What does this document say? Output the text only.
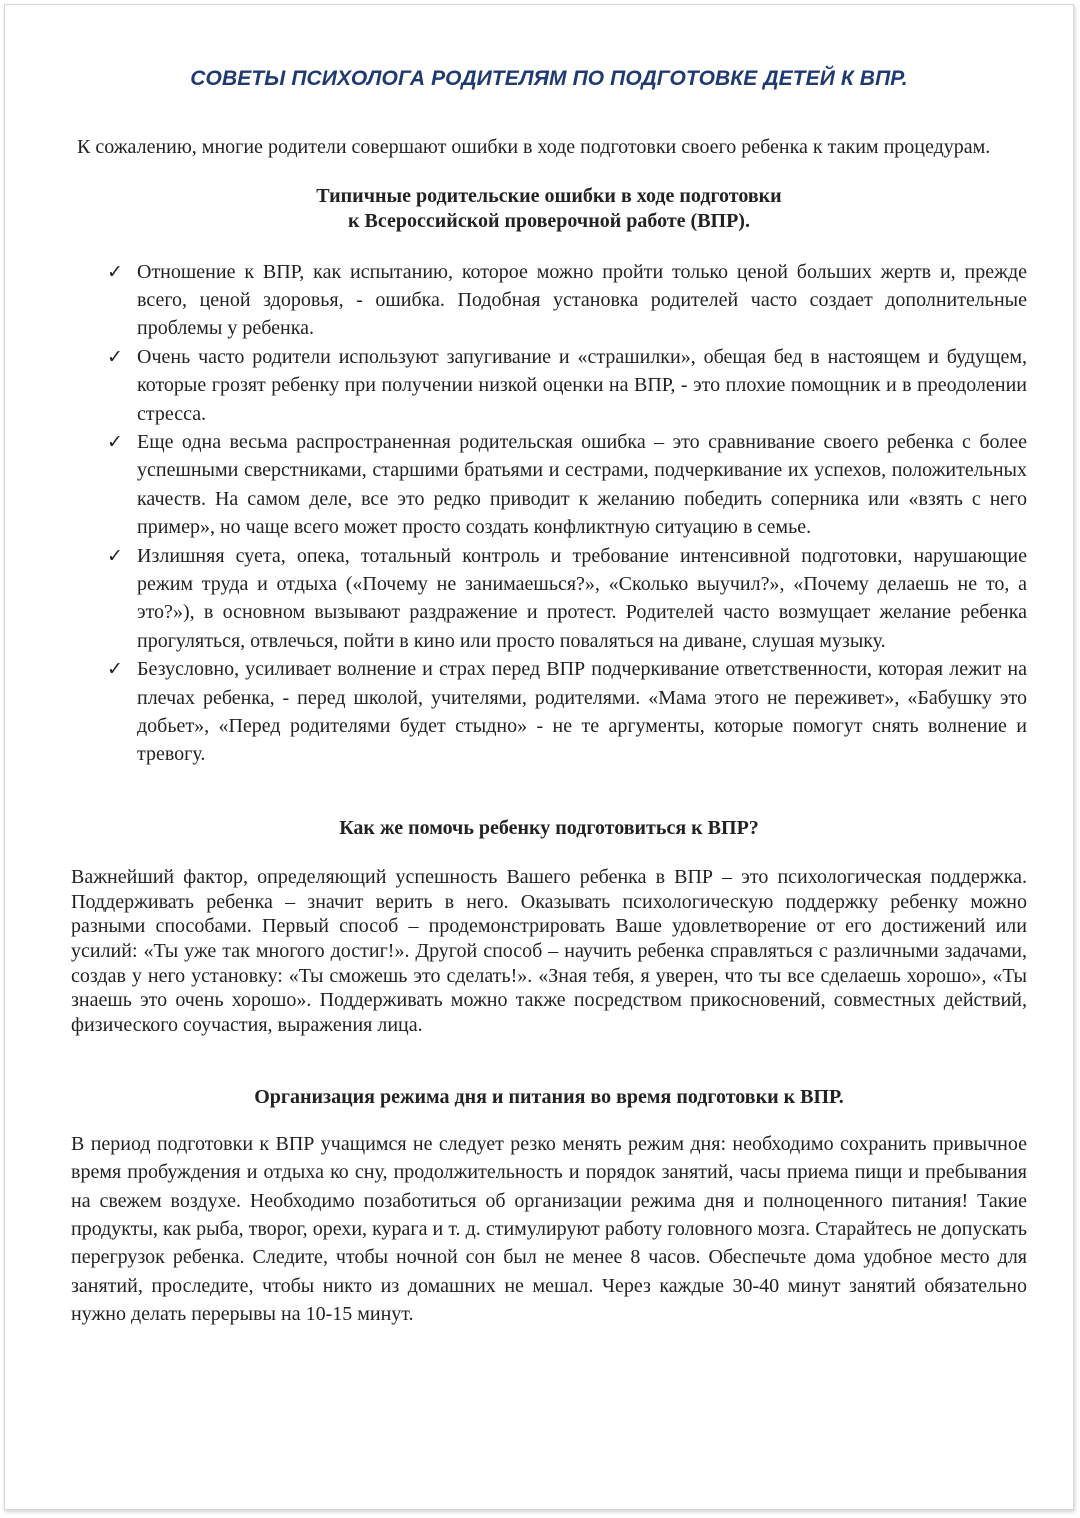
СОВЕТЫ ПСИХОЛОГА РОДИТЕЛЯМ ПО ПОДГОТОВКЕ ДЕТЕЙ К ВПР.
К сожалению, многие родители совершают ошибки в ходе подготовки своего ребенка к таким процедурам.
Типичные родительские ошибки в ходе подготовки
к Всероссийской проверочной работе (ВПР).
✓ Отношение к ВПР, как испытанию, которое можно пройти только ценой больших жертв и, прежде всего, ценой здоровья, - ошибка. Подобная установка родителей часто создает дополнительные проблемы у ребенка.
✓ Очень часто родители используют запугивание и «страшилки», обещая бед в настоящем и будущем, которые грозят ребенку при получении низкой оценки на ВПР, - это плохие помощник и в преодолении стресса.
✓ Еще одна весьма распространенная родительская ошибка – это сравнивание своего ребенка с более успешными сверстниками, старшими братьями и сестрами, подчеркивание их успехов, положительных качеств. На самом деле, все это редко приводит к желанию победить соперника или «взять с него пример», но чаще всего может просто создать конфликтную ситуацию в семье.
✓ Излишняя суета, опека, тотальный контроль и требование интенсивной подготовки, нарушающие режим труда и отдыха («Почему не занимаешься?», «Сколько выучил?», «Почему делаешь не то, а это?»), в основном вызывают раздражение и протест. Родителей часто возмущает желание ребенка прогуляться, отвлечься, пойти в кино или просто поваляться на диване, слушая музыку.
✓ Безусловно, усиливает волнение и страх перед ВПР подчеркивание ответственности, которая лежит на плечах ребенка, - перед школой, учителями, родителями. «Мама этого не переживет», «Бабушку это добьет», «Перед родителями будет стыдно» - не те аргументы, которые помогут снять волнение и тревогу.
Как же помочь ребенку подготовиться к ВПР?
Важнейший фактор, определяющий успешность Вашего ребенка в ВПР – это психологическая поддержка. Поддерживать ребенка – значит верить в него. Оказывать психологическую поддержку ребенку можно разными способами. Первый способ – продемонстрировать Ваше удовлетворение от его достижений или усилий: «Ты уже так многого достиг!». Другой способ – научить ребенка справляться с различными задачами, создав у него установку: «Ты сможешь это сделать!». «Зная тебя, я уверен, что ты все сделаешь хорошо», «Ты знаешь это очень хорошо». Поддерживать можно также посредством прикосновений, совместных действий, физического соучастия, выражения лица.
Организация режима дня и питания во время подготовки к ВПР.
В период подготовки к ВПР учащимся не следует резко менять режим дня: необходимо сохранить привычное время пробуждения и отдыха ко сну, продолжительность и порядок занятий, часы приема пищи и пребывания на свежем воздухе. Необходимо позаботиться об организации режима дня и полноценного питания! Такие продукты, как рыба, творог, орехи, курага и т. д. стимулируют работу головного мозга. Старайтесь не допускать перегрузок ребенка. Следите, чтобы ночной сон был не менее 8 часов. Обеспечьте дома удобное место для занятий, проследите, чтобы никто из домашних не мешал. Через каждые 30-40 минут занятий обязательно нужно делать перерывы на 10-15 минут.
